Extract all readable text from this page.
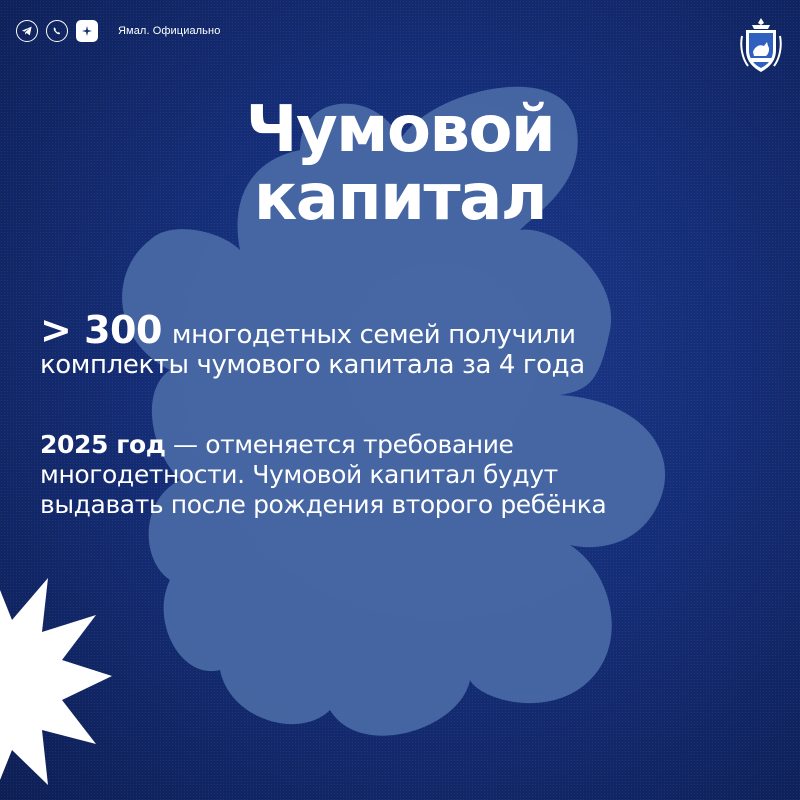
Ямал. Официально
Чумовой
капитал
> 300 многодетных семей получили
комплекты чумового капитала за 4 года
2025 год — отменяется требование
многодетности. Чумовой капитал будут
выдавать после рождения второго ребёнка
